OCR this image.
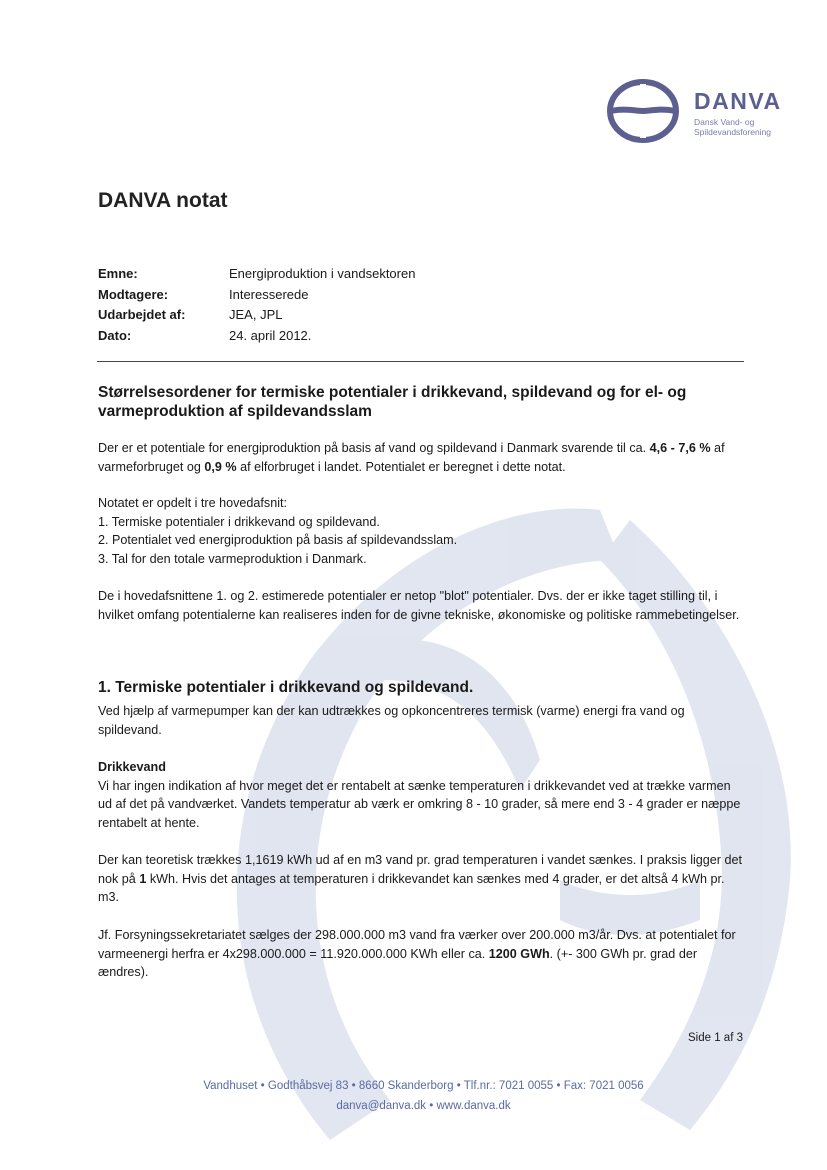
DANVA
Dansk Vand- og
Spildevandsforening
DANVA notat
Emne:	Energiproduktion i vandsektoren
Modtagere:	Interesserede
Udarbejdet af:	JEA, JPL
Dato:	24. april 2012.
Størrelsesordener for termiske potentialer i drikkevand, spildevand og for el- og varmeproduktion af spildevandsslam
Der er et potentiale for energiproduktion på basis af vand og spildevand i Danmark svarende til ca. 4,6 - 7,6 % af varmeforbruget og 0,9 % af elforbruget i landet. Potentialet er beregnet i dette notat.
Notatet er opdelt i tre hovedafsnit:
1. Termiske potentialer i drikkevand og spildevand.
2. Potentialet ved energiproduktion på basis af spildevandsslam.
3. Tal for den totale varmeproduktion i Danmark.
De i hovedafsnittene 1. og 2. estimerede potentialer er netop "blot" potentialer. Dvs. der er ikke taget stilling til, i hvilket omfang potentialerne kan realiseres inden for de givne tekniske, økonomiske og politiske rammebetingelser.
1. Termiske potentialer i drikkevand og spildevand.
Ved hjælp af varmepumper kan der kan udtrækkes og opkoncentreres termisk (varme) energi fra vand og spildevand.
Drikkevand
Vi har ingen indikation af hvor meget det er rentabelt at sænke temperaturen i drikkevandet ved at trække varmen ud af det på vandværket. Vandets temperatur ab værk er omkring 8 - 10 grader, så mere end 3 - 4 grader er næppe rentabelt at hente.
Der kan teoretisk trækkes 1,1619 kWh ud af en m3 vand pr. grad temperaturen i vandet sænkes. I praksis ligger det nok på 1 kWh. Hvis det antages at temperaturen i drikkevandet kan sænkes med 4 grader, er det altså 4 kWh pr. m3.
Jf. Forsyningssekretariatet sælges der 298.000.000 m3 vand fra værker over 200.000 m3/år. Dvs. at potentialet for varmeenergi herfra er 4x298.000.000 = 11.920.000.000 KWh eller ca. 1200 GWh. (+- 300 GWh pr. grad der ændres).
Side 1 af 3
Vandhuset • Godthåbsvej 83 • 8660 Skanderborg • Tlf.nr.: 7021 0055 • Fax: 7021 0056
danva@danva.dk • www.danva.dk
